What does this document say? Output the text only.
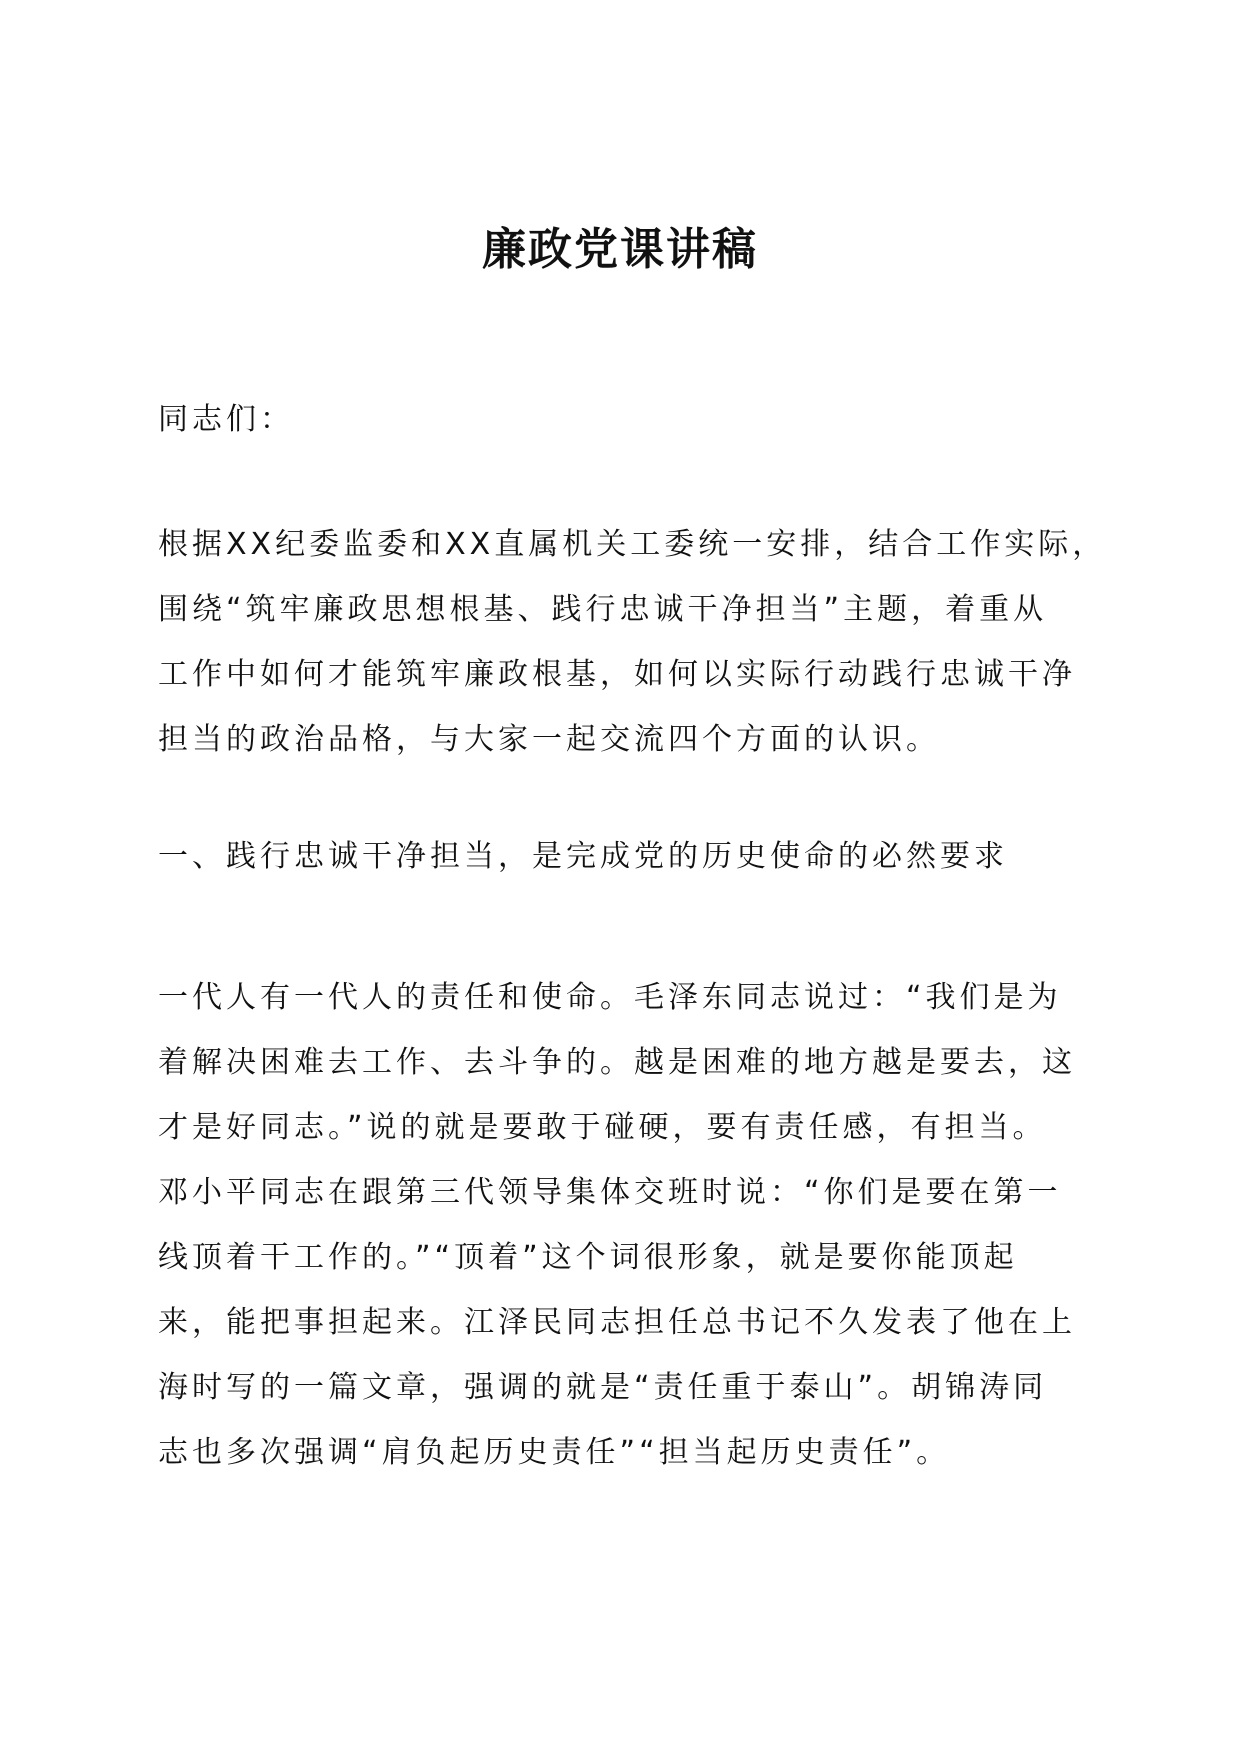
廉政党课讲稿
同志们：
根据XX纪委监委和XX直属机关工委统一安排，结合工作实际，
围绕“筑牢廉政思想根基、践行忠诚干净担当”主题，着重从
工作中如何才能筑牢廉政根基，如何以实际行动践行忠诚干净
担当的政治品格，与大家一起交流四个方面的认识。
一、践行忠诚干净担当，是完成党的历史使命的必然要求
一代人有一代人的责任和使命。毛泽东同志说过：“我们是为
着解决困难去工作、去斗争的。越是困难的地方越是要去，这
才是好同志。”说的就是要敢于碰硬，要有责任感，有担当。
邓小平同志在跟第三代领导集体交班时说：“你们是要在第一
线顶着干工作的。”“顶着”这个词很形象，就是要你能顶起
来，能把事担起来。江泽民同志担任总书记不久发表了他在上
海时写的一篇文章，强调的就是“责任重于泰山”。胡锦涛同
志也多次强调“肩负起历史责任”“担当起历史责任”。
